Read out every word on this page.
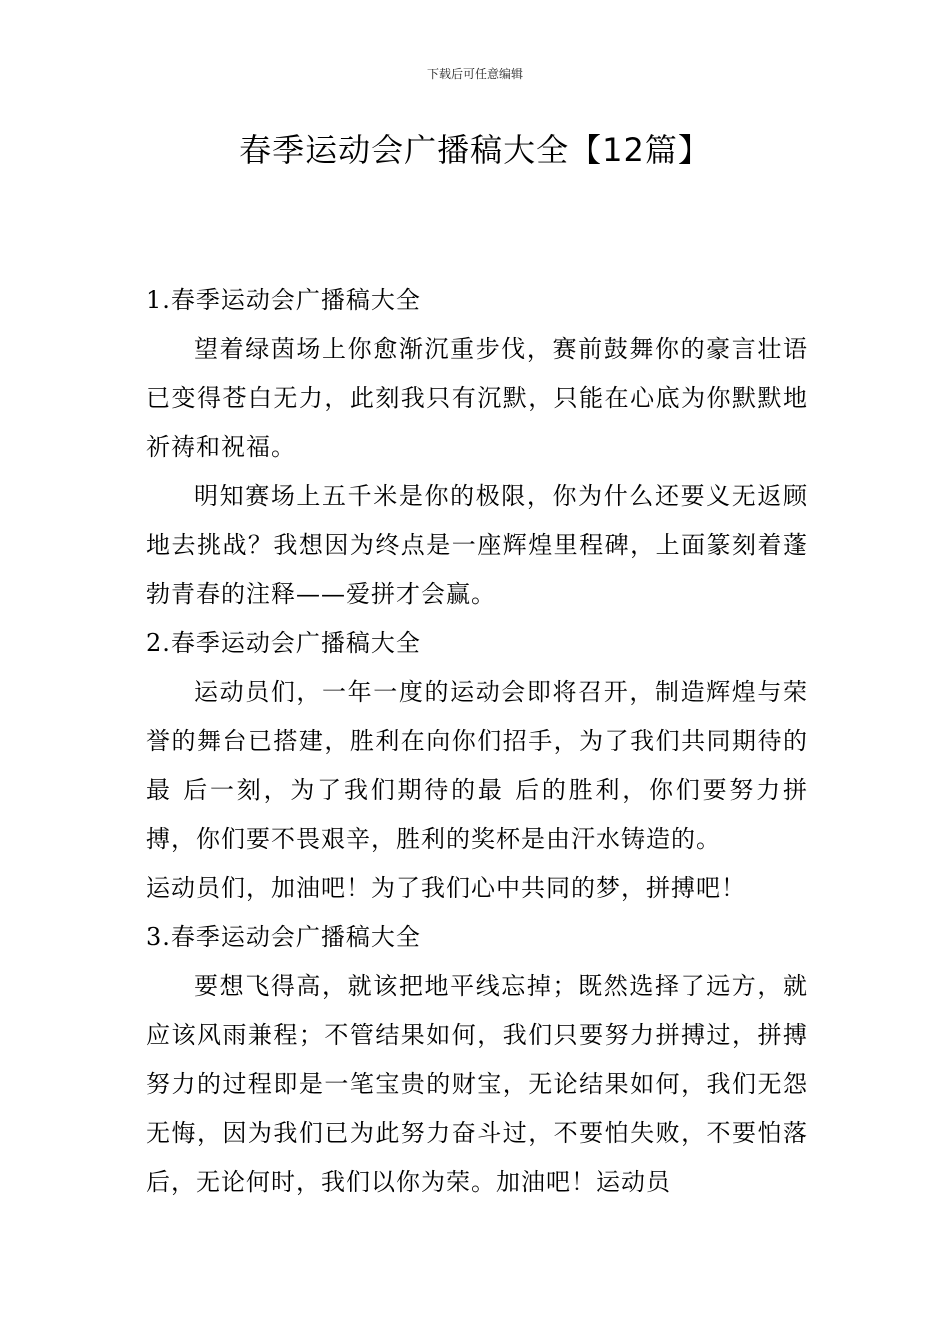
下载后可任意编辑
春季运动会广播稿大全【12篇】

1.春季运动会广播稿大全

望着绿茵场上你愈渐沉重步伐，赛前鼓舞你的豪言壮语已变得苍白无力，此刻我只有沉默，只能在心底为你默默地祈祷和祝福。

明知赛场上五千米是你的极限，你为什么还要义无返顾地去挑战？我想因为终点是一座辉煌里程碑，上面篆刻着蓬勃青春的注释——爱拼才会赢。

2.春季运动会广播稿大全

运动员们，一年一度的运动会即将召开，制造辉煌与荣誉的舞台已搭建，胜利在向你们招手，为了我们共同期待的最 后一刻，为了我们期待的最 后的胜利，你们要努力拼搏，你们要不畏艰辛，胜利的奖杯是由汗水铸造的。

运动员们，加油吧！为了我们心中共同的梦，拼搏吧！

3.春季运动会广播稿大全

要想飞得高，就该把地平线忘掉；既然选择了远方，就应该风雨兼程；不管结果如何，我们只要努力拼搏过，拼搏努力的过程即是一笔宝贵的财宝，无论结果如何，我们无怨无悔，因为我们已为此努力奋斗过，不要怕失败，不要怕落后，无论何时，我们以你为荣。加油吧！运动员
